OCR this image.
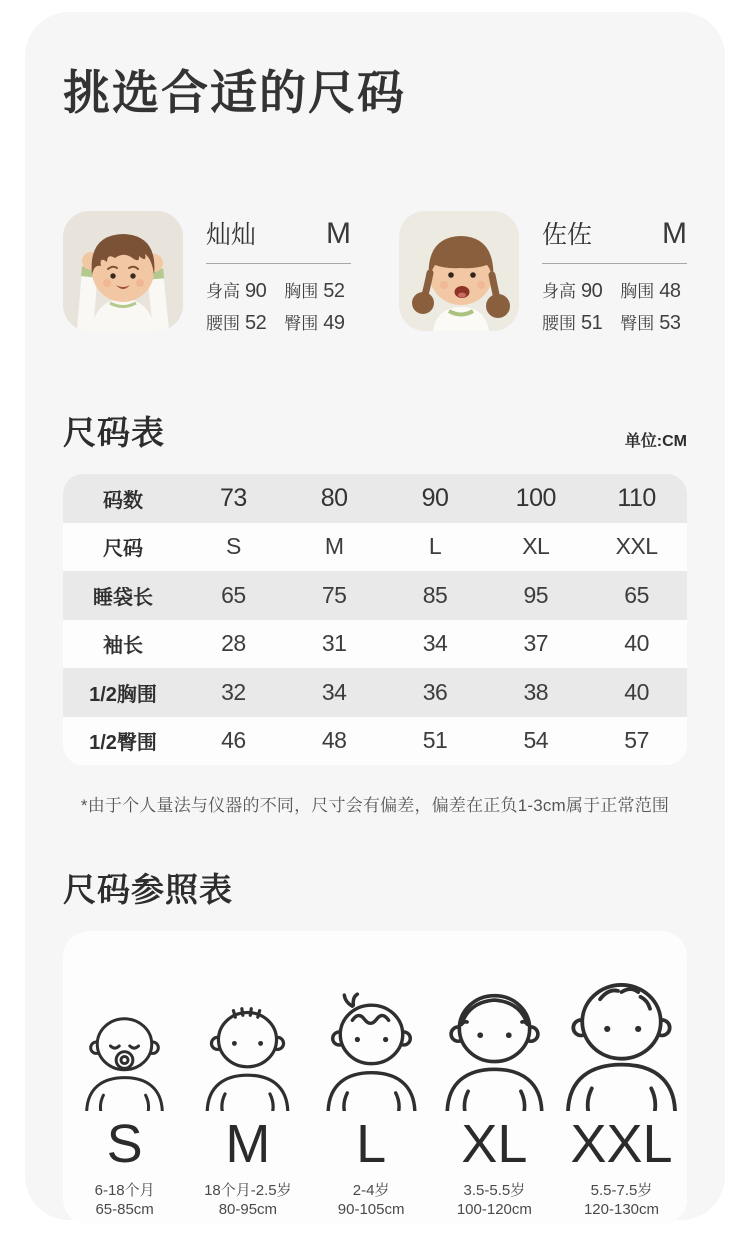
挑选合适的尺码
灿灿 M
身高 90 胸围 52
腰围 52 臀围 49
佐佐 M
身高 90 胸围 48
腰围 51 臀围 53
尺码表	单位:CM
码数	73	80	90	100	110
尺码	S	M	L	XL	XXL
睡袋长	65	75	85	95	65
袖长	28	31	34	37	40
1/2胸围	32	34	36	38	40
1/2臀围	46	48	51	54	57

*由于个人量法与仪器的不同，尺寸会有偏差，偏差在正负1-3cm属于正常范围

尺码参照表
S
6-18个月
65-85cm
M
18个月-2.5岁
80-95cm
L
2-4岁
90-105cm
XL
3.5-5.5岁
100-120cm
XXL
5.5-7.5岁
120-130cm
